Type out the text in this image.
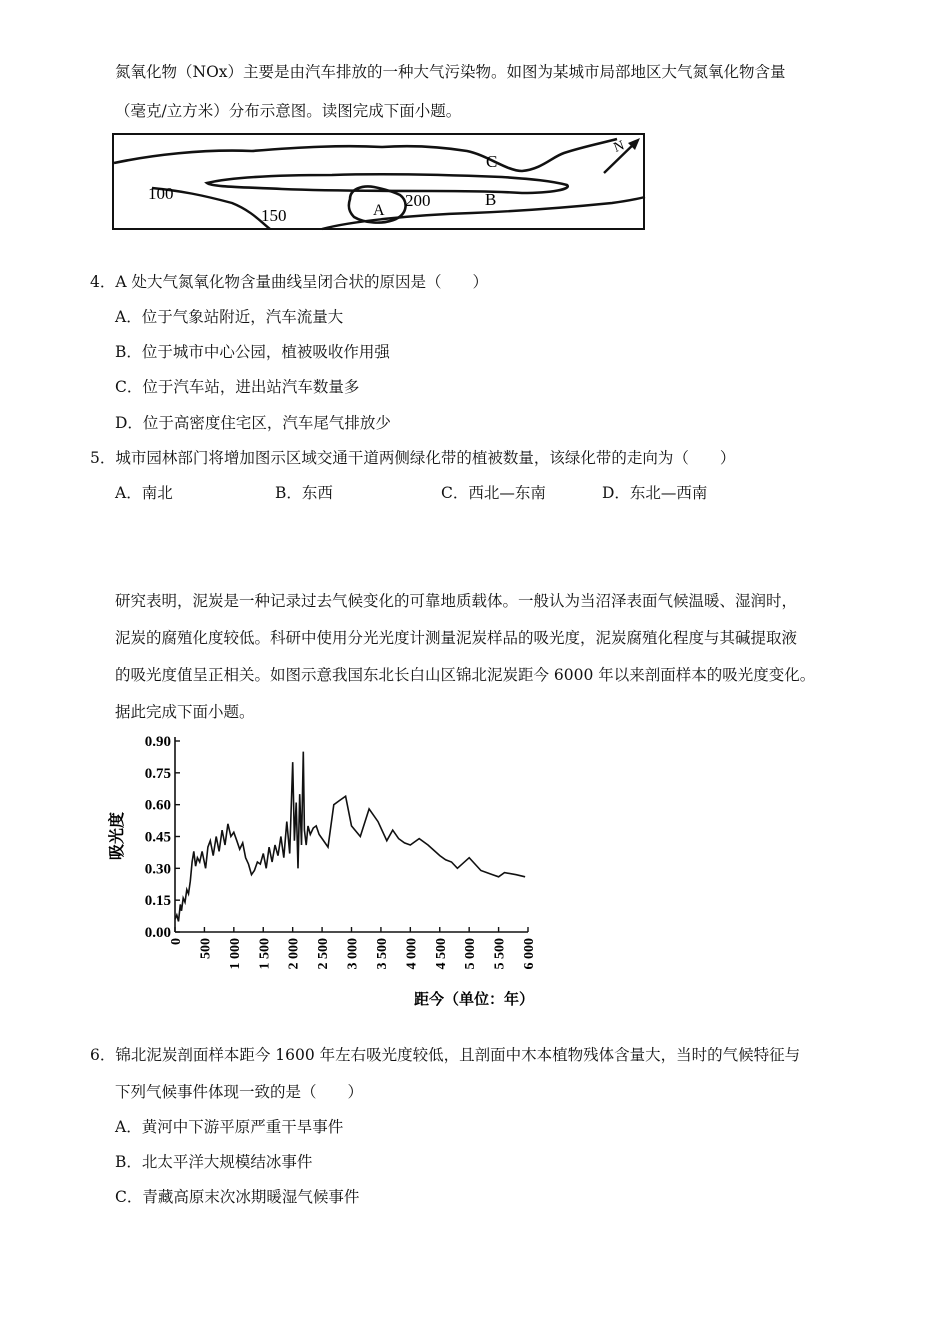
氮氧化物（NOx）主要是由汽车排放的一种大气污染物。如图为某城市局部地区大气氮氧化物含量
（毫克/立方米）分布示意图。读图完成下面小题。
C
B
A
100
150
200
N
4．A 处大气氮氧化物含量曲线呈闭合状的原因是（　　）
A．位于气象站附近，汽车流量大
B．位于城市中心公园，植被吸收作用强
C．位于汽车站，进出站汽车数量多
D．位于高密度住宅区，汽车尾气排放少
5．城市园林部门将增加图示区域交通干道两侧绿化带的植被数量，该绿化带的走向为（　　）
A．南北	B．东西	C．西北—东南	D．东北—西南
研究表明，泥炭是一种记录过去气候变化的可靠地质载体。一般认为当沼泽表面气候温暖、湿润时，
泥炭的腐殖化度较低。科研中使用分光光度计测量泥炭样品的吸光度，泥炭腐殖化程度与其碱提取液
的吸光度值呈正相关。如图示意我国东北长白山区锦北泥炭距今 6000 年以来剖面样本的吸光度变化。
据此完成下面小题。
吸光度
0.00
0.15
0.30
0.45
0.60
0.75
0.90
0 500 1 000 1 500 2 000 2 500 3 000 3 500 4 000 4 500 5 000 5 500 6 000
距今（单位：年）
6．锦北泥炭剖面样本距今 1600 年左右吸光度较低，且剖面中木本植物残体含量大，当时的气候特征与
下列气候事件体现一致的是（　　）
A．黄河中下游平原严重干旱事件
B．北太平洋大规模结冰事件
C．青藏高原末次冰期暖湿气候事件
